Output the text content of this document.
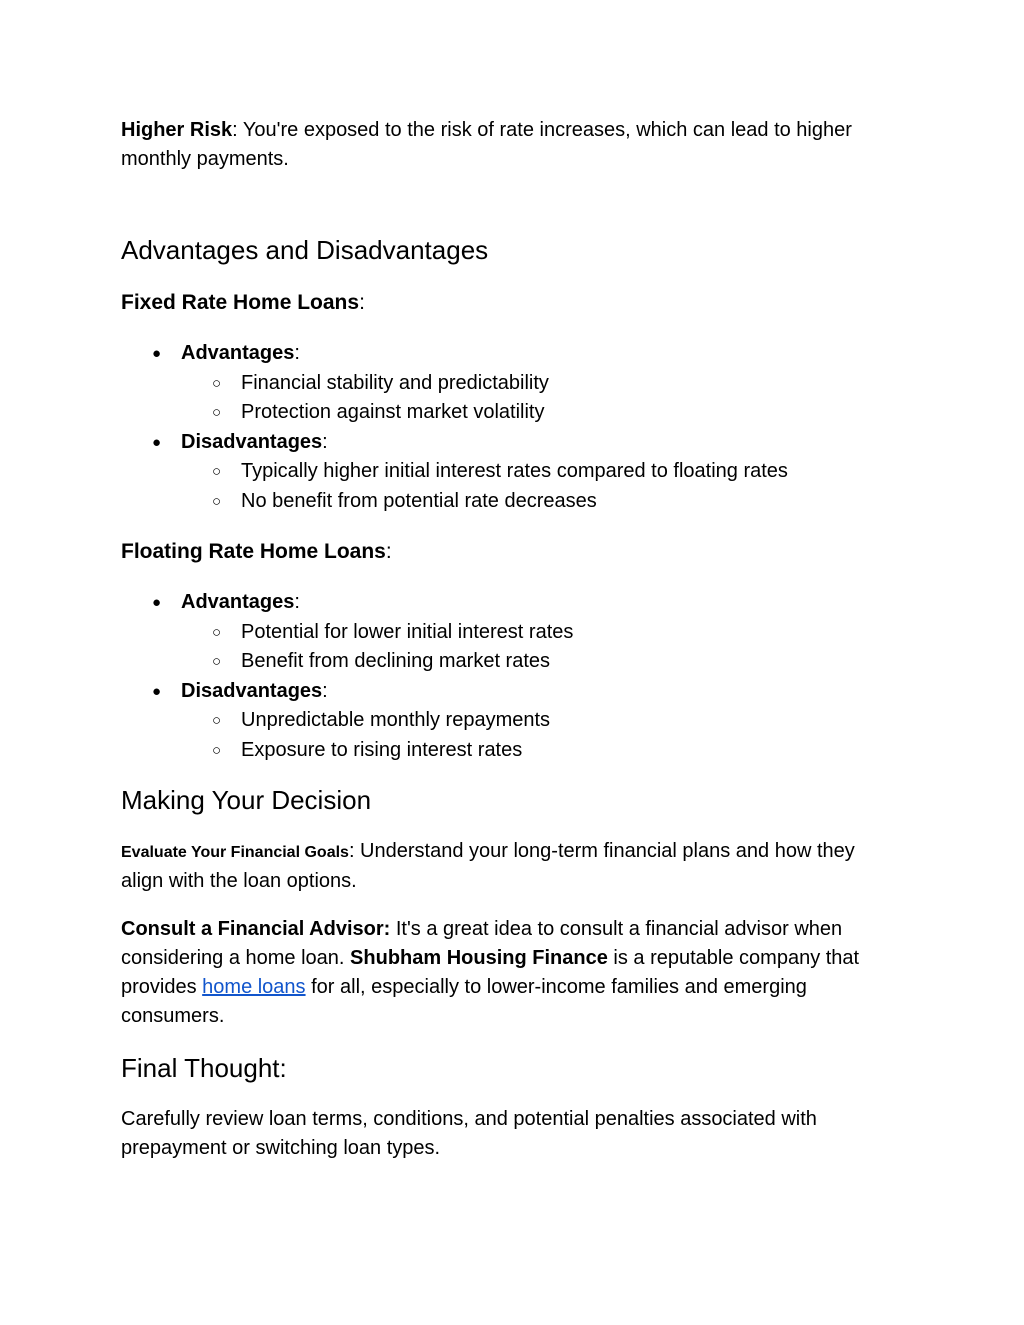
Higher Risk: You're exposed to the risk of rate increases, which can lead to higher monthly payments.

Advantages and Disadvantages

Fixed Rate Home Loans:

● Advantages:
○ Financial stability and predictability
○ Protection against market volatility
● Disadvantages:
○ Typically higher initial interest rates compared to floating rates
○ No benefit from potential rate decreases

Floating Rate Home Loans:

● Advantages:
○ Potential for lower initial interest rates
○ Benefit from declining market rates
● Disadvantages:
○ Unpredictable monthly repayments
○ Exposure to rising interest rates
Making Your Decision

Evaluate Your Financial Goals: Understand your long-term financial plans and how they align with the loan options.

Consult a Financial Advisor: It's a great idea to consult a financial advisor when considering a home loan. Shubham Housing Finance is a reputable company that provides home loans for all, especially to lower-income families and emerging consumers.

Final Thought:

Carefully review loan terms, conditions, and potential penalties associated with prepayment or switching loan types.
